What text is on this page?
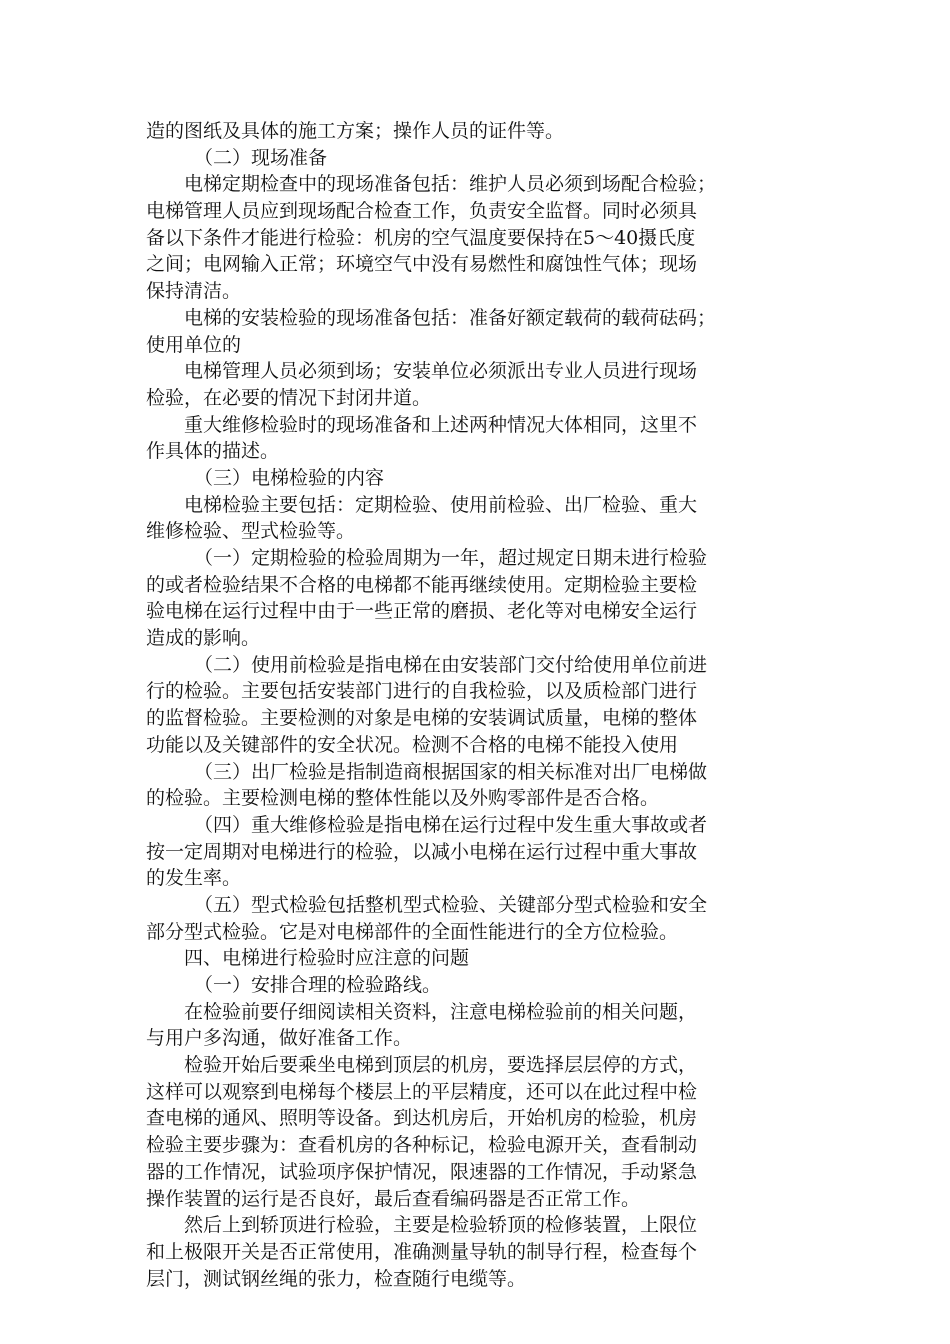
造的图纸及具体的施工方案；操作人员的证件等。
（二）现场准备
电梯定期检查中的现场准备包括：维护人员必须到场配合检验；
电梯管理人员应到现场配合检查工作，负责安全监督。同时必须具
备以下条件才能进行检验：机房的空气温度要保持在5～40摄氏度
之间；电网输入正常；环境空气中没有易燃性和腐蚀性气体；现场
保持清洁。
电梯的安装检验的现场准备包括：准备好额定载荷的载荷砝码；
使用单位的
电梯管理人员必须到场；安装单位必须派出专业人员进行现场
检验，在必要的情况下封闭井道。
重大维修检验时的现场准备和上述两种情况大体相同，这里不
作具体的描述。
（三）电梯检验的内容
电梯检验主要包括：定期检验、使用前检验、出厂检验、重大
维修检验、型式检验等。
（一）定期检验的检验周期为一年，超过规定日期未进行检验
的或者检验结果不合格的电梯都不能再继续使用。定期检验主要检
验电梯在运行过程中由于一些正常的磨损、老化等对电梯安全运行
造成的影响。
（二）使用前检验是指电梯在由安装部门交付给使用单位前进
行的检验。主要包括安装部门进行的自我检验，以及质检部门进行
的监督检验。主要检测的对象是电梯的安装调试质量，电梯的整体
功能以及关键部件的安全状况。检测不合格的电梯不能投入使用
（三）出厂检验是指制造商根据国家的相关标准对出厂电梯做
的检验。主要检测电梯的整体性能以及外购零部件是否合格。
（四）重大维修检验是指电梯在运行过程中发生重大事故或者
按一定周期对电梯进行的检验，以减小电梯在运行过程中重大事故
的发生率。
（五）型式检验包括整机型式检验、关键部分型式检验和安全
部分型式检验。它是对电梯部件的全面性能进行的全方位检验。
四、电梯进行检验时应注意的问题
（一）安排合理的检验路线。
在检验前要仔细阅读相关资料，注意电梯检验前的相关问题，
与用户多沟通，做好准备工作。
检验开始后要乘坐电梯到顶层的机房，要选择层层停的方式，
这样可以观察到电梯每个楼层上的平层精度，还可以在此过程中检
查电梯的通风、照明等设备。到达机房后，开始机房的检验，机房
检验主要步骤为：查看机房的各种标记，检验电源开关，查看制动
器的工作情况，试验项序保护情况，限速器的工作情况，手动紧急
操作装置的运行是否良好，最后查看编码器是否正常工作。
然后上到轿顶进行检验，主要是检验轿顶的检修装置，上限位
和上极限开关是否正常使用，准确测量导轨的制导行程，检查每个
层门，测试钢丝绳的张力，检查随行电缆等。
